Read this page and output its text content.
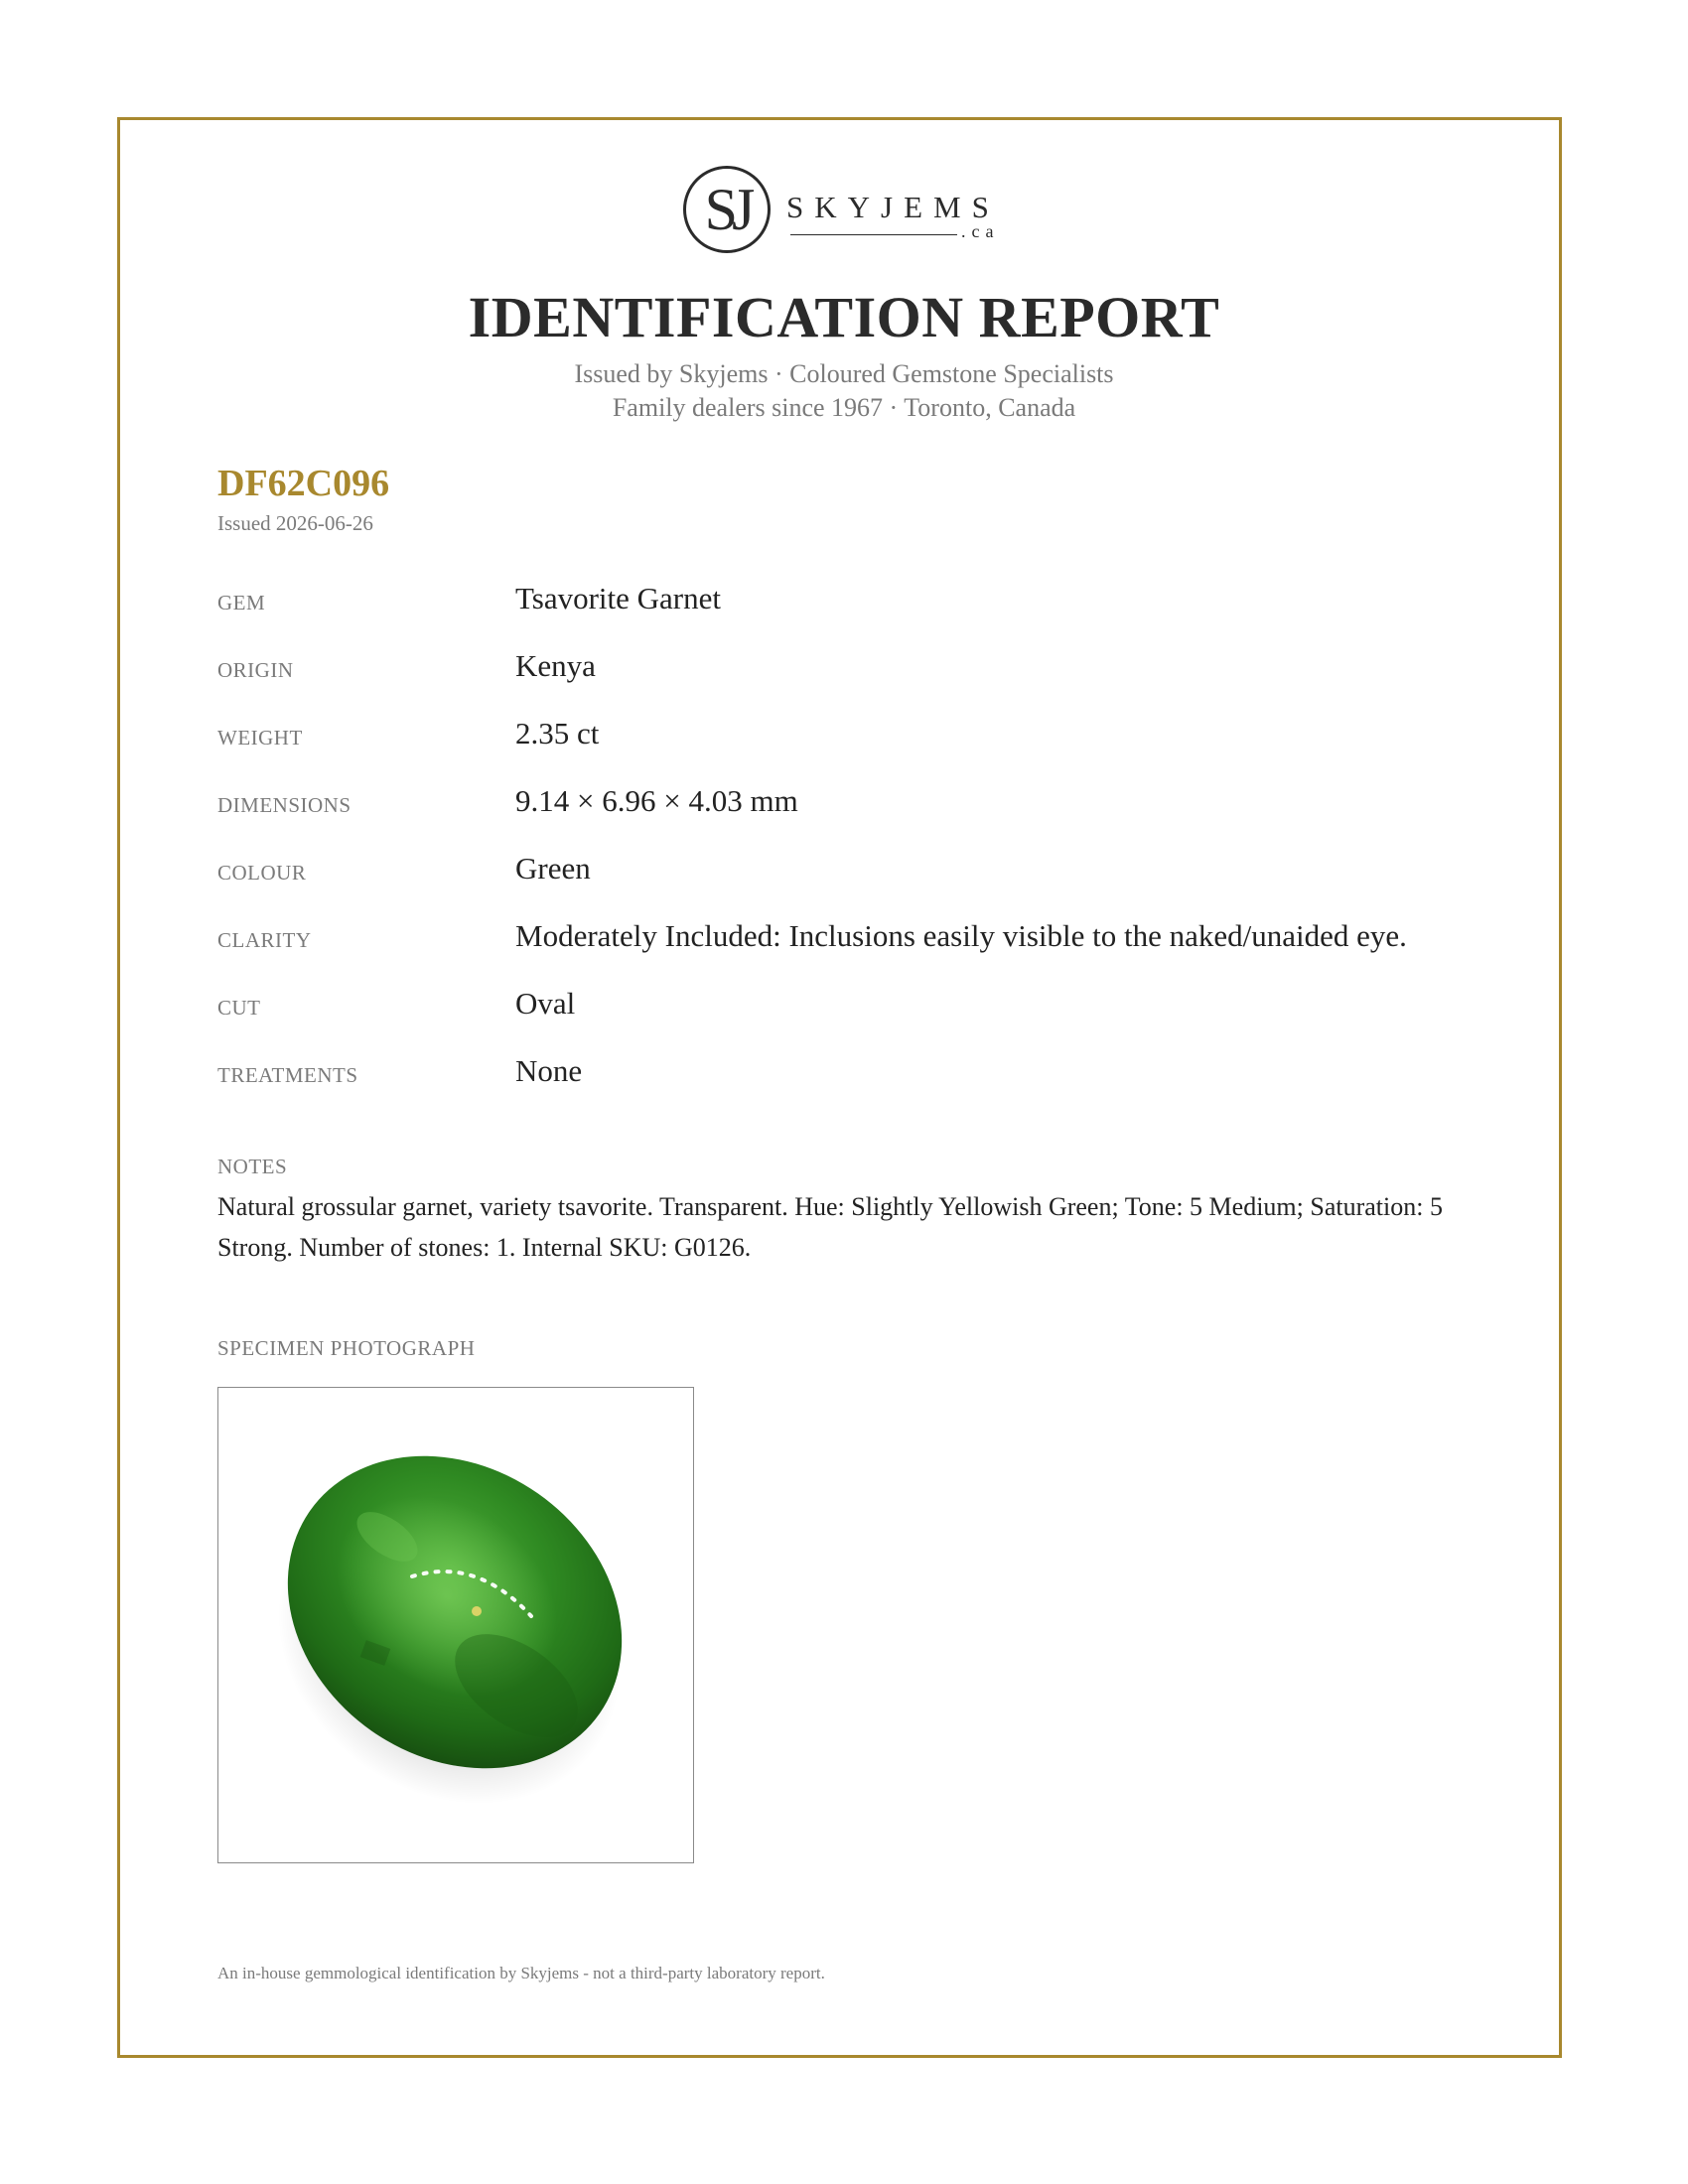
SJ	SKYJEMS
.ca
IDENTIFICATION REPORT
Issued by Skyjems · Coloured Gemstone Specialists
Family dealers since 1967 · Toronto, Canada
DF62C096
Issued 2026-06-26
GEM	Tsavorite Garnet
ORIGIN	Kenya
WEIGHT	2.35 ct
DIMENSIONS	9.14 × 6.96 × 4.03 mm
COLOUR	Green
CLARITY	Moderately Included: Inclusions easily visible to the naked/unaided eye.
CUT	Oval
TREATMENTS	None
NOTES
Natural grossular garnet, variety tsavorite. Transparent. Hue: Slightly Yellowish Green; Tone: 5 Medium; Saturation: 5 Strong. Number of stones: 1. Internal SKU: G0126.
SPECIMEN PHOTOGRAPH
An in-house gemmological identification by Skyjems - not a third-party laboratory report.
